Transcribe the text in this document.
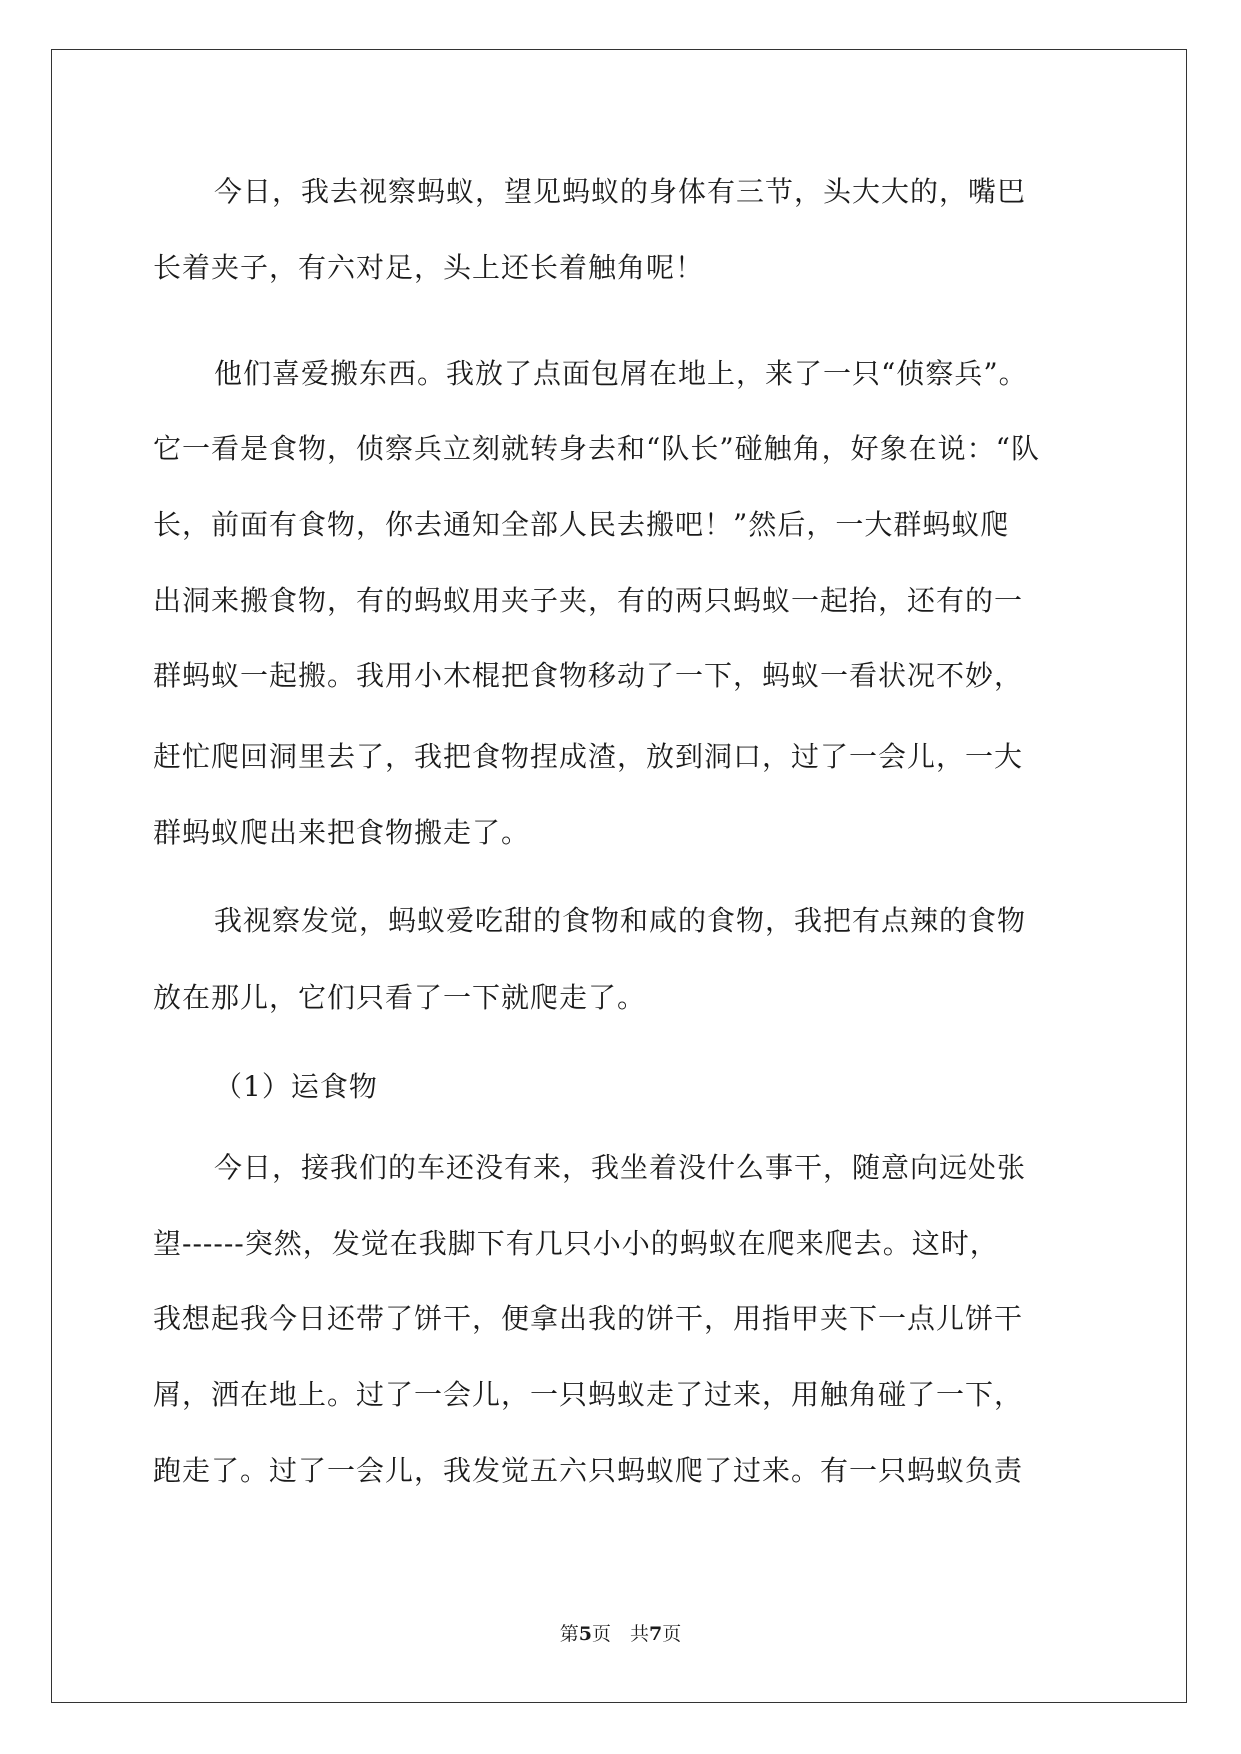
今日，我去视察蚂蚁，望见蚂蚁的身体有三节，头大大的，嘴巴
长着夹子，有六对足，头上还长着触角呢！
他们喜爱搬东西。我放了点面包屑在地上，来了一只“侦察兵”。
它一看是食物，侦察兵立刻就转身去和“队长”碰触角，好象在说：“队
长，前面有食物，你去通知全部人民去搬吧！”然后，一大群蚂蚁爬
出洞来搬食物，有的蚂蚁用夹子夹，有的两只蚂蚁一起抬，还有的一
群蚂蚁一起搬。我用小木棍把食物移动了一下，蚂蚁一看状况不妙，
赶忙爬回洞里去了，我把食物捏成渣，放到洞口，过了一会儿，一大
群蚂蚁爬出来把食物搬走了。
我视察发觉，蚂蚁爱吃甜的食物和咸的食物，我把有点辣的食物
放在那儿，它们只看了一下就爬走了。
（1）运食物
今日，接我们的车还没有来，我坐着没什么事干，随意向远处张
望------突然，发觉在我脚下有几只小小的蚂蚁在爬来爬去。这时，
我想起我今日还带了饼干，便拿出我的饼干，用指甲夹下一点儿饼干
屑，洒在地上。过了一会儿，一只蚂蚁走了过来，用触角碰了一下，
跑走了。过了一会儿，我发觉五六只蚂蚁爬了过来。有一只蚂蚁负责
第5页　共7页
